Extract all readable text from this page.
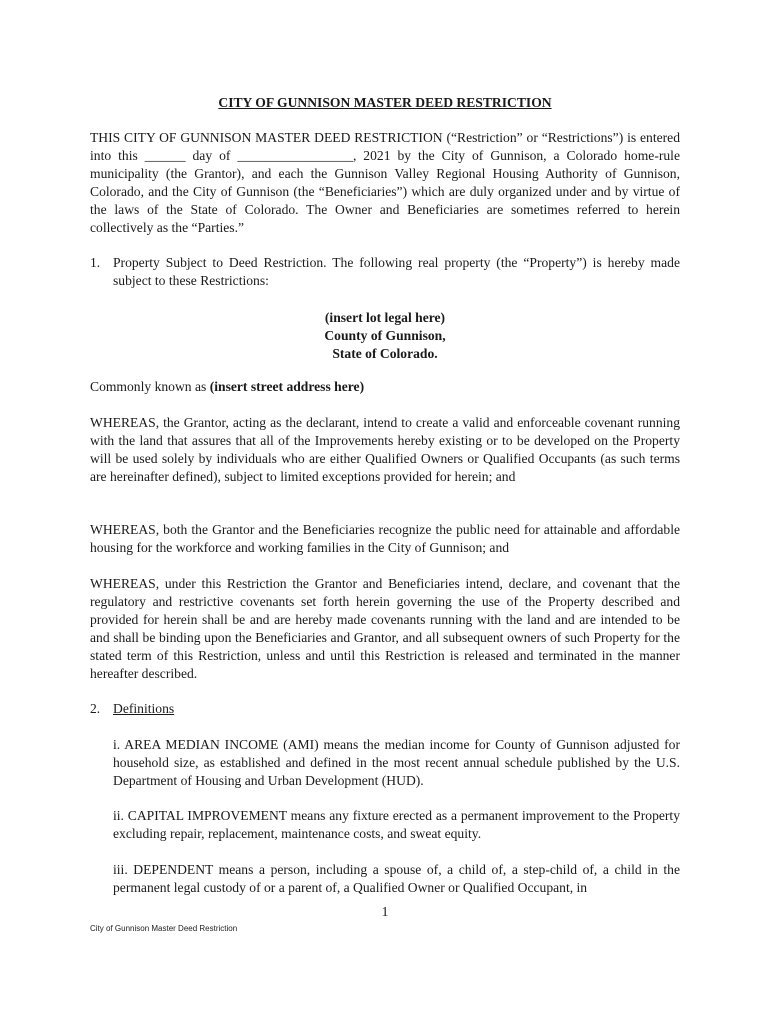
CITY OF GUNNISON MASTER DEED RESTRICTION

THIS CITY OF GUNNISON MASTER DEED RESTRICTION (“Restriction” or “Restrictions”) is entered into this ______ day of _________________, 2021 by the City of Gunnison, a Colorado home-rule municipality (the Grantor), and each the Gunnison Valley Regional Housing Authority of Gunnison, Colorado, and the City of Gunnison (the “Beneficiaries”) which are duly organized under and by virtue of the laws of the State of Colorado. The Owner and Beneficiaries are sometimes referred to herein collectively as the “Parties.”

1. Property Subject to Deed Restriction. The following real property (the “Property”) is hereby made subject to these Restrictions:
(insert lot legal here)
County of Gunnison,
State of Colorado.
Commonly known as (insert street address here)

WHEREAS, the Grantor, acting as the declarant, intend to create a valid and enforceable covenant running with the land that assures that all of the Improvements hereby existing or to be developed on the Property will be used solely by individuals who are either Qualified Owners or Qualified Occupants (as such terms are hereinafter defined), subject to limited exceptions provided for herein; and

WHEREAS, both the Grantor and the Beneficiaries recognize the public need for attainable and affordable housing for the workforce and working families in the City of Gunnison; and

WHEREAS, under this Restriction the Grantor and Beneficiaries intend, declare, and covenant that the regulatory and restrictive covenants set forth herein governing the use of the Property described and provided for herein shall be and are hereby made covenants running with the land and are intended to be and shall be binding upon the Beneficiaries and Grantor, and all subsequent owners of such Property for the stated term of this Restriction, unless and until this Restriction is released and terminated in the manner hereafter described.

2. Definitions

i. AREA MEDIAN INCOME (AMI) means the median income for County of Gunnison adjusted for household size, as established and defined in the most recent annual schedule published by the U.S. Department of Housing and Urban Development (HUD).

ii. CAPITAL IMPROVEMENT means any fixture erected as a permanent improvement to the Property excluding repair, replacement, maintenance costs, and sweat equity.

iii. DEPENDENT means a person, including a spouse of, a child of, a step-child of, a child in the permanent legal custody of or a parent of, a Qualified Owner or Qualified Occupant, in

1
City of Gunnison Master Deed Restriction
